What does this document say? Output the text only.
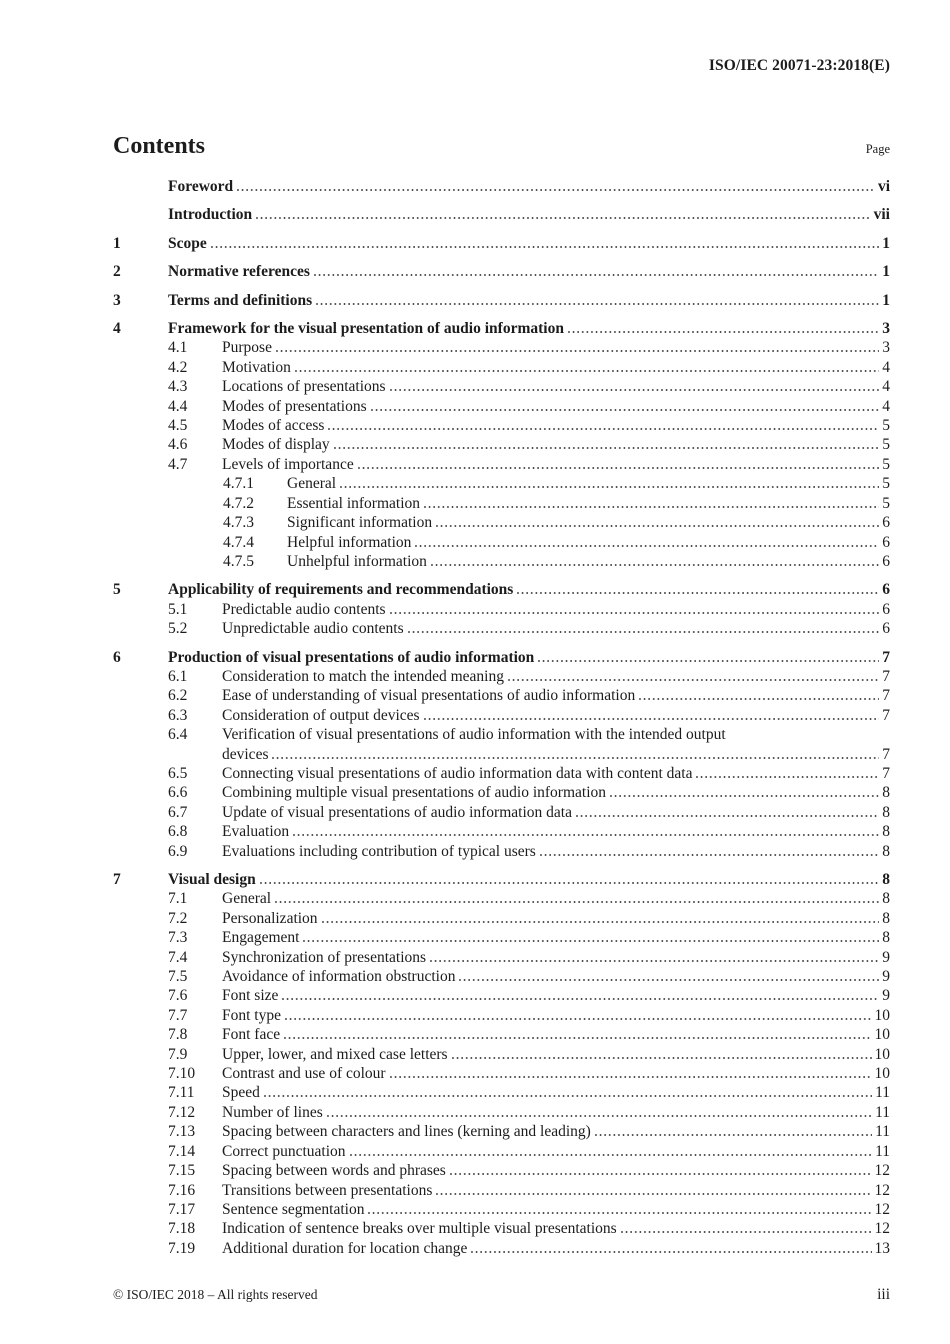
ISO/IEC 20071-23:2018(E)
Contents	Page
Foreword	vi
Introduction	vii
1	Scope	1
2	Normative references	1
3	Terms and definitions	1
4	Framework for the visual presentation of audio information	3
4.1	Purpose	3
4.2	Motivation	4
4.3	Locations of presentations	4
4.4	Modes of presentations	4
4.5	Modes of access	5
4.6	Modes of display	5
4.7	Levels of importance	5
4.7.1	General	5
4.7.2	Essential information	5
4.7.3	Significant information	6
4.7.4	Helpful information	6
4.7.5	Unhelpful information	6
5	Applicability of requirements and recommendations	6
5.1	Predictable audio contents	6
5.2	Unpredictable audio contents	6
6	Production of visual presentations of audio information	7
6.1	Consideration to match the intended meaning	7
6.2	Ease of understanding of visual presentations of audio information	7
6.3	Consideration of output devices	7
6.4	Verification of visual presentations of audio information with the intended output
devices	7
6.5	Connecting visual presentations of audio information data with content data	7
6.6	Combining multiple visual presentations of audio information	8
6.7	Update of visual presentations of audio information data	8
6.8	Evaluation	8
6.9	Evaluations including contribution of typical users	8
7	Visual design	8
7.1	General	8
7.2	Personalization	8
7.3	Engagement	8
7.4	Synchronization of presentations	9
7.5	Avoidance of information obstruction	9
7.6	Font size	9
7.7	Font type	10
7.8	Font face	10
7.9	Upper, lower, and mixed case letters	10
7.10	Contrast and use of colour	10
7.11	Speed	11
7.12	Number of lines	11
7.13	Spacing between characters and lines (kerning and leading)	11
7.14	Correct punctuation	11
7.15	Spacing between words and phrases	12
7.16	Transitions between presentations	12
7.17	Sentence segmentation	12
7.18	Indication of sentence breaks over multiple visual presentations	12
7.19	Additional duration for location change	13
© ISO/IEC 2018 – All rights reserved	iii
